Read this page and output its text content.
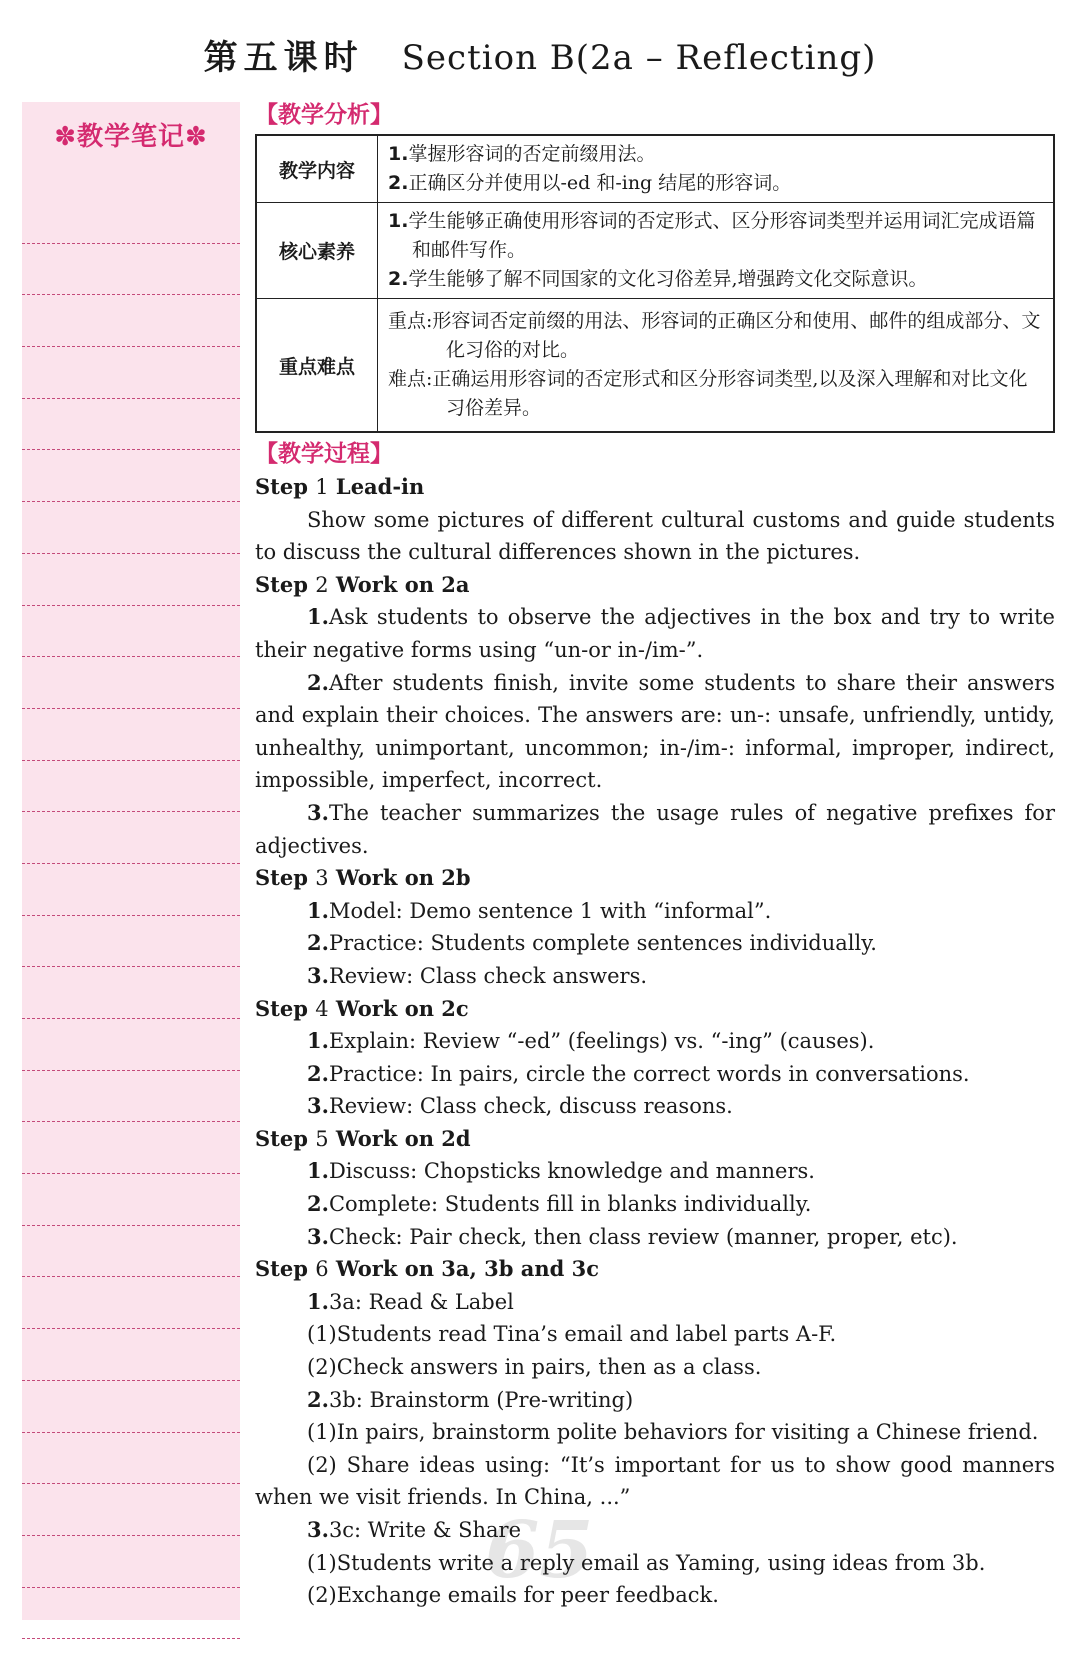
第五课时 Section B(2a – Reflecting)
✽教学笔记✽
65
【教学分析】
教学内容	1.掌握形容词的否定前缀用法。
2.正确区分并使用以-ed 和-ing 结尾的形容词。

核心素养	1.学生能够正确使用形容词的否定形式、区分形容词类型并运用词汇完成语篇和邮件写作。
2.学生能够了解不同国家的文化习俗差异,增强跨文化交际意识。

重点难点	重点:形容词否定前缀的用法、形容词的正确区分和使用、邮件的组成部分、文化习俗的对比。
难点:正确运用形容词的否定形式和区分形容词类型,以及深入理解和对比文化习俗差异。
【教学过程】
Step 1 Lead-in
Show some pictures of different cultural customs and guide students to discuss the cultural differences shown in the pictures.
Step 2 Work on 2a
1.Ask students to observe the adjectives in the box and try to write their negative forms using “un-or in-/im-”.
2.After students finish, invite some students to share their answers and explain their choices. The answers are: un-: unsafe, unfriendly, untidy, unhealthy, unimportant, uncommon; in-/im-: informal, improper, indirect, impossible, imperfect, incorrect.
3.The teacher summarizes the usage rules of negative prefixes for adjectives.
Step 3 Work on 2b
1.Model: Demo sentence 1 with “informal”.
2.Practice: Students complete sentences individually.
3.Review: Class check answers.
Step 4 Work on 2c
1.Explain: Review “-ed” (feelings) vs. “-ing” (causes).
2.Practice: In pairs, circle the correct words in conversations.
3.Review: Class check, discuss reasons.
Step 5 Work on 2d
1.Discuss: Chopsticks knowledge and manners.
2.Complete: Students fill in blanks individually.
3.Check: Pair check, then class review (manner, proper, etc).
Step 6 Work on 3a, 3b and 3c
1.3a: Read & Label
(1)Students read Tina’s email and label parts A-F.
(2)Check answers in pairs, then as a class.
2.3b: Brainstorm (Pre-writing)
(1)In pairs, brainstorm polite behaviors for visiting a Chinese friend.
(2) Share ideas using: “It’s important for us to show good manners when we visit friends. In China, ...”
3.3c: Write & Share
(1)Students write a reply email as Yaming, using ideas from 3b.
(2)Exchange emails for peer feedback.
